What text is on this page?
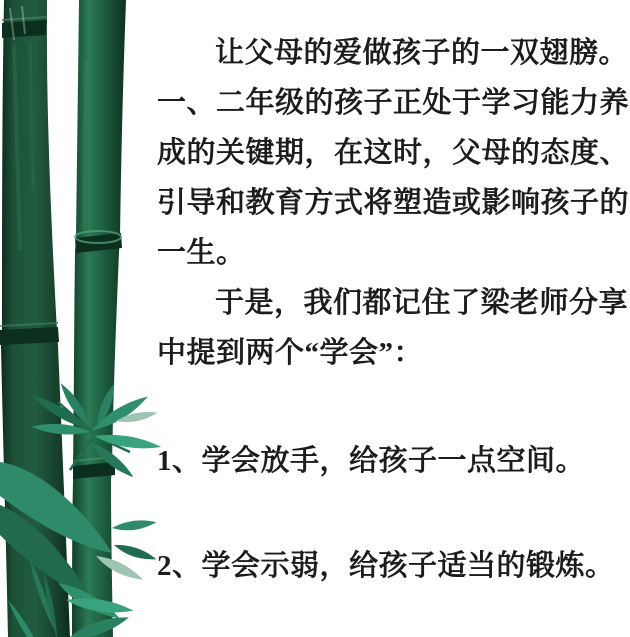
让父母的爱做孩子的一双翅膀。
一、二年级的孩子正处于学习能力养
成的关键期，在这时，父母的态度、
引导和教育方式将塑造或影响孩子的
一生。
于是，我们都记住了梁老师分享
中提到两个“学会”：
1、学会放手，给孩子一点空间。
2、学会示弱，给孩子适当的锻炼。
